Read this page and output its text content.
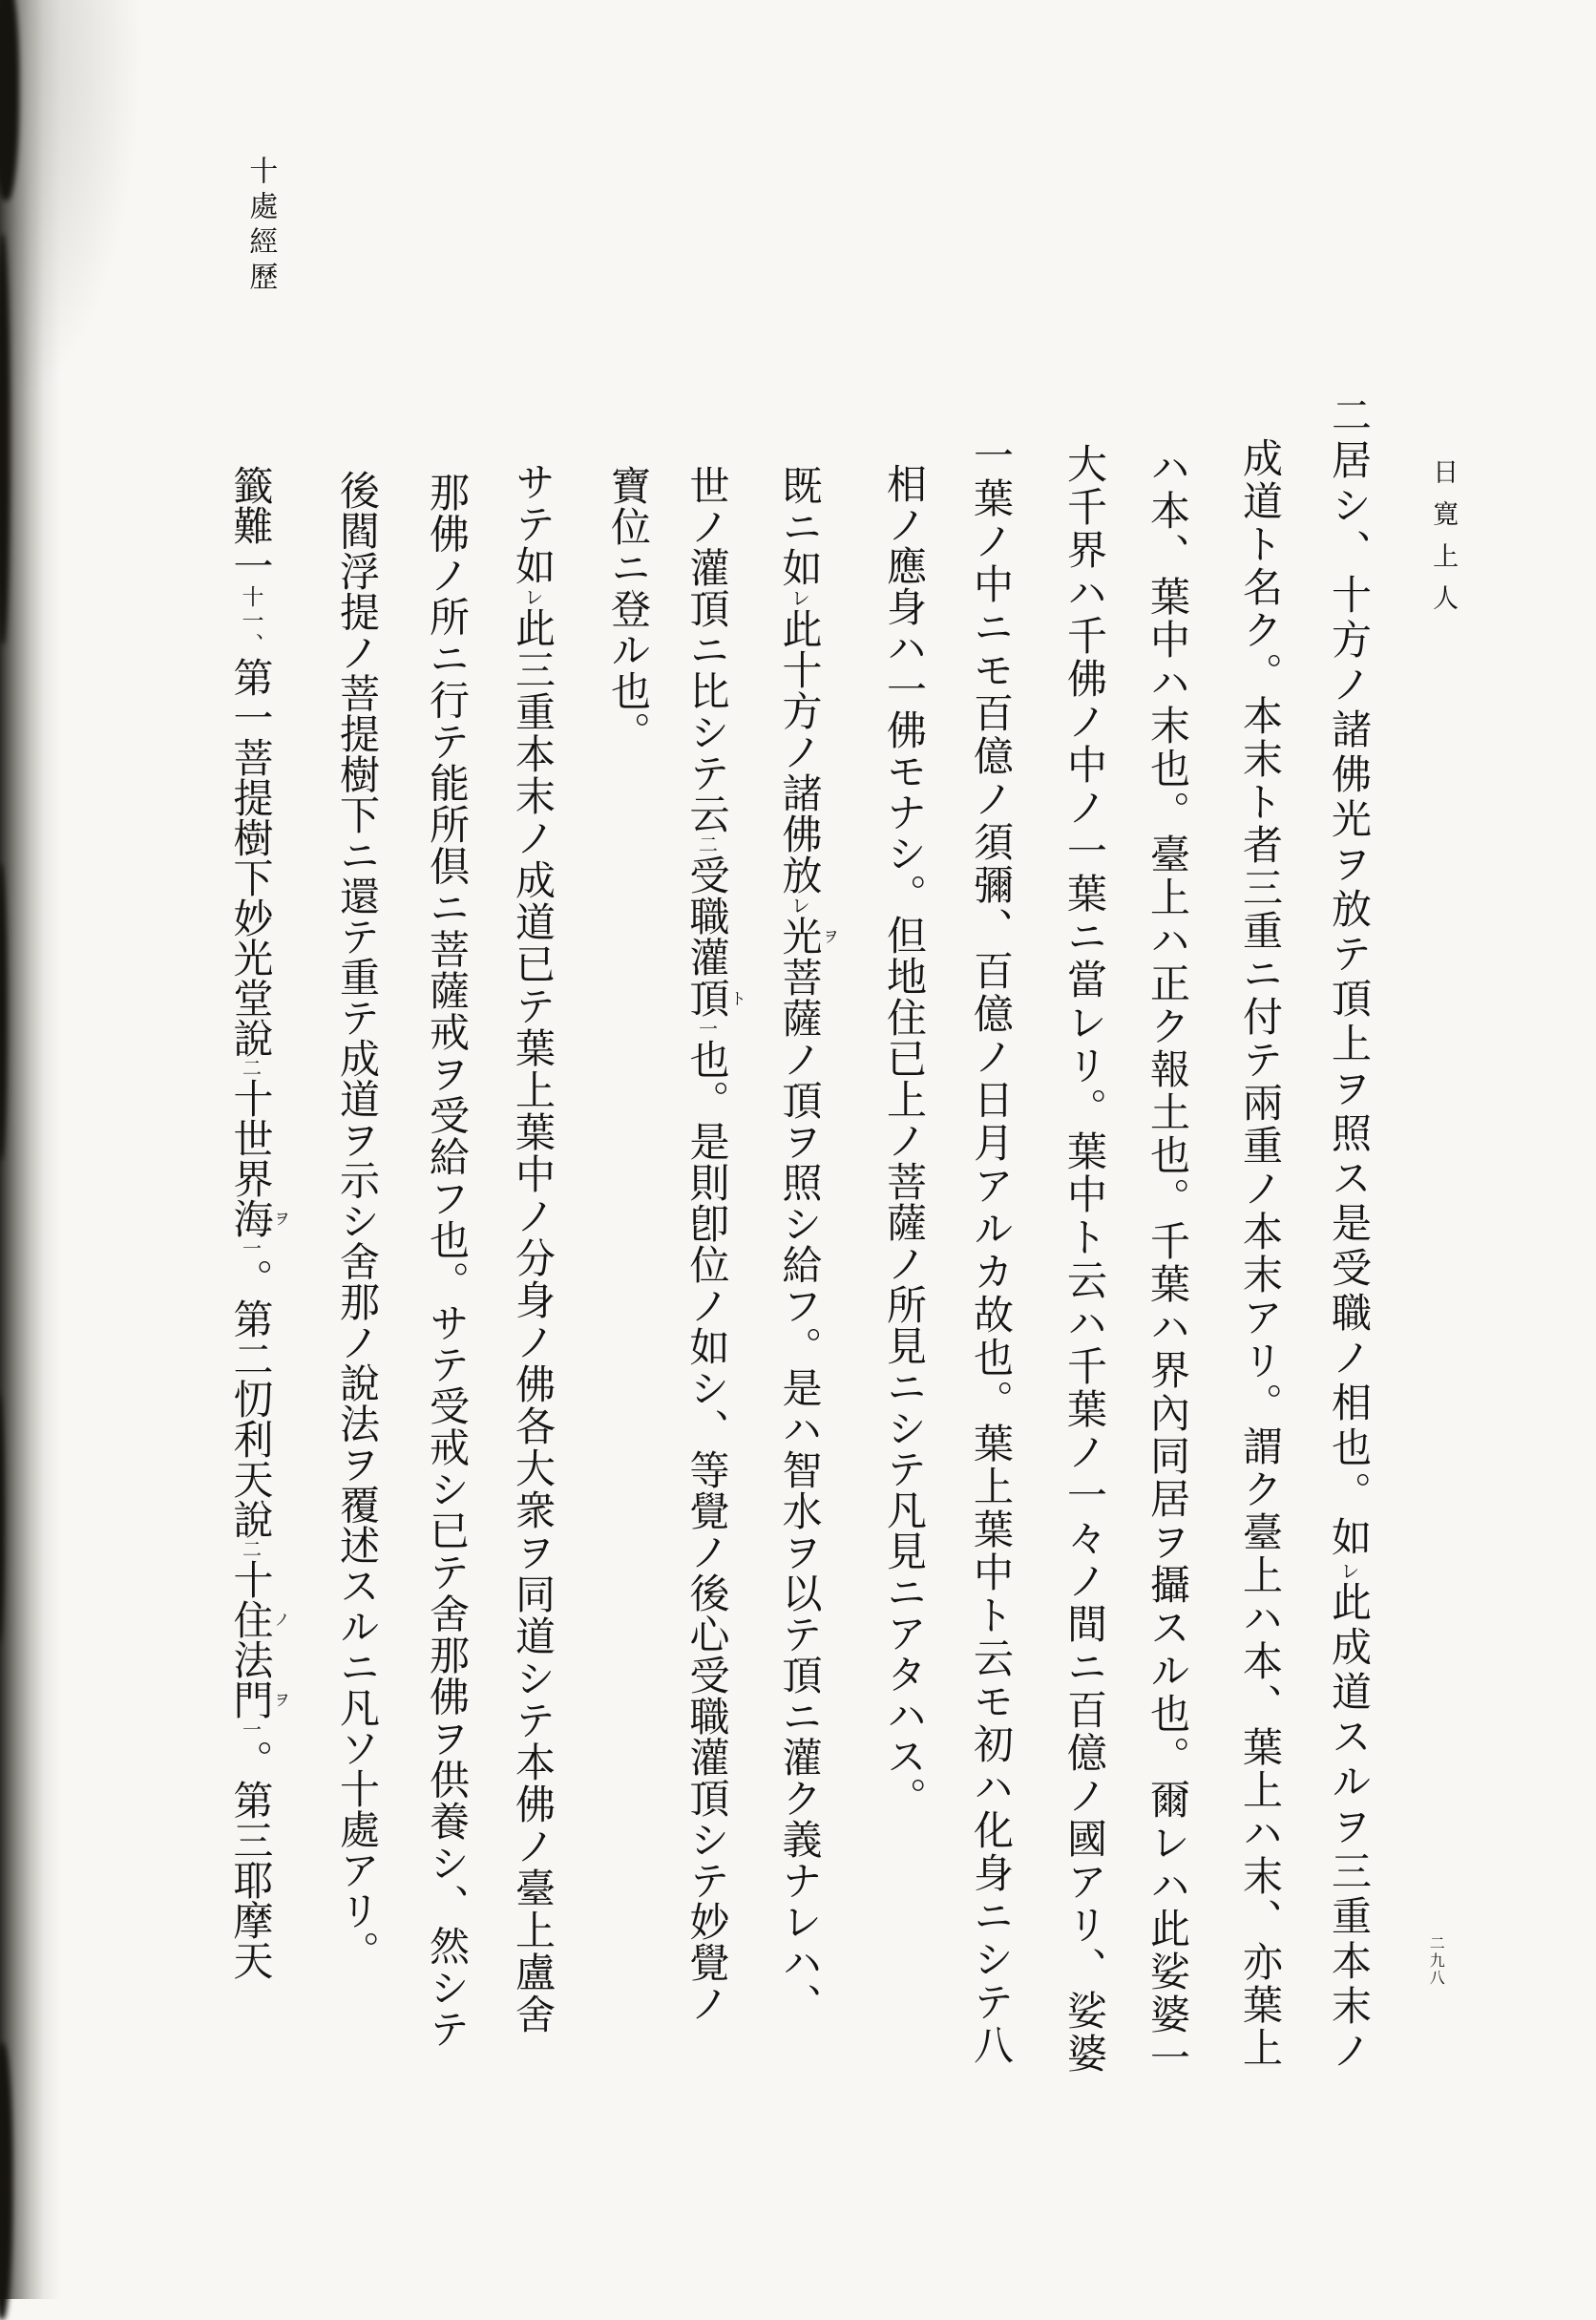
十處經歷
日寛上人
二九八
二居シ、十方ノ諸佛光ヲ放テ頂上ヲ照ス是受職ノ相也。如レ此成道スルヲ三重本末ノ
成道ト名ク。本末ト者三重ニ付テ兩重ノ本末アリ。謂ク臺上ハ本、葉上ハ末、亦葉上
ハ本、葉中ハ末也。臺上ハ正ク報土也。千葉ハ界內同居ヲ攝スル也。爾レハ此娑婆一
大千界ハ千佛ノ中ノ一葉ニ當レリ。葉中ト云ハ千葉ノ一々ノ間ニ百億ノ國アリ、娑婆
一葉ノ中ニモ百億ノ須彌、百億ノ日月アルカ故也。葉上葉中ト云モ初ハ化身ニシテ八
相ノ應身ハ一佛モナシ。但地住已上ノ菩薩ノ所見ニシテ凡見ニアタハス。
既ニ如レ此十方ノ諸佛放レ光ヲ菩薩ノ頂ヲ照シ給フ。是ハ智水ヲ以テ頂ニ灌ク義ナレハ、
世ノ灌頂ニ比シテ云二受職灌頂ト一也。是則卽位ノ如シ、等覺ノ後心受職灌頂シテ妙覺ノ
寶位ニ登ル也。
サテ如レ此三重本末ノ成道已テ葉上葉中ノ分身ノ佛各大衆ヲ同道シテ本佛ノ臺上盧舍
那佛ノ所ニ行テ能所倶ニ菩薩戒ヲ受給フ也。サテ受戒シ已テ舍那佛ヲ供養シ、然シテ
後閻浮提ノ菩提樹下ニ還テ重テ成道ヲ示シ舍那ノ說法ヲ覆述スルニ凡ソ十處アリ。
籤難一十一、第一菩提樹下妙光堂說二十世界海ヲ一。第二忉利天說二十住ノ法門ヲ一。第三耶摩天
